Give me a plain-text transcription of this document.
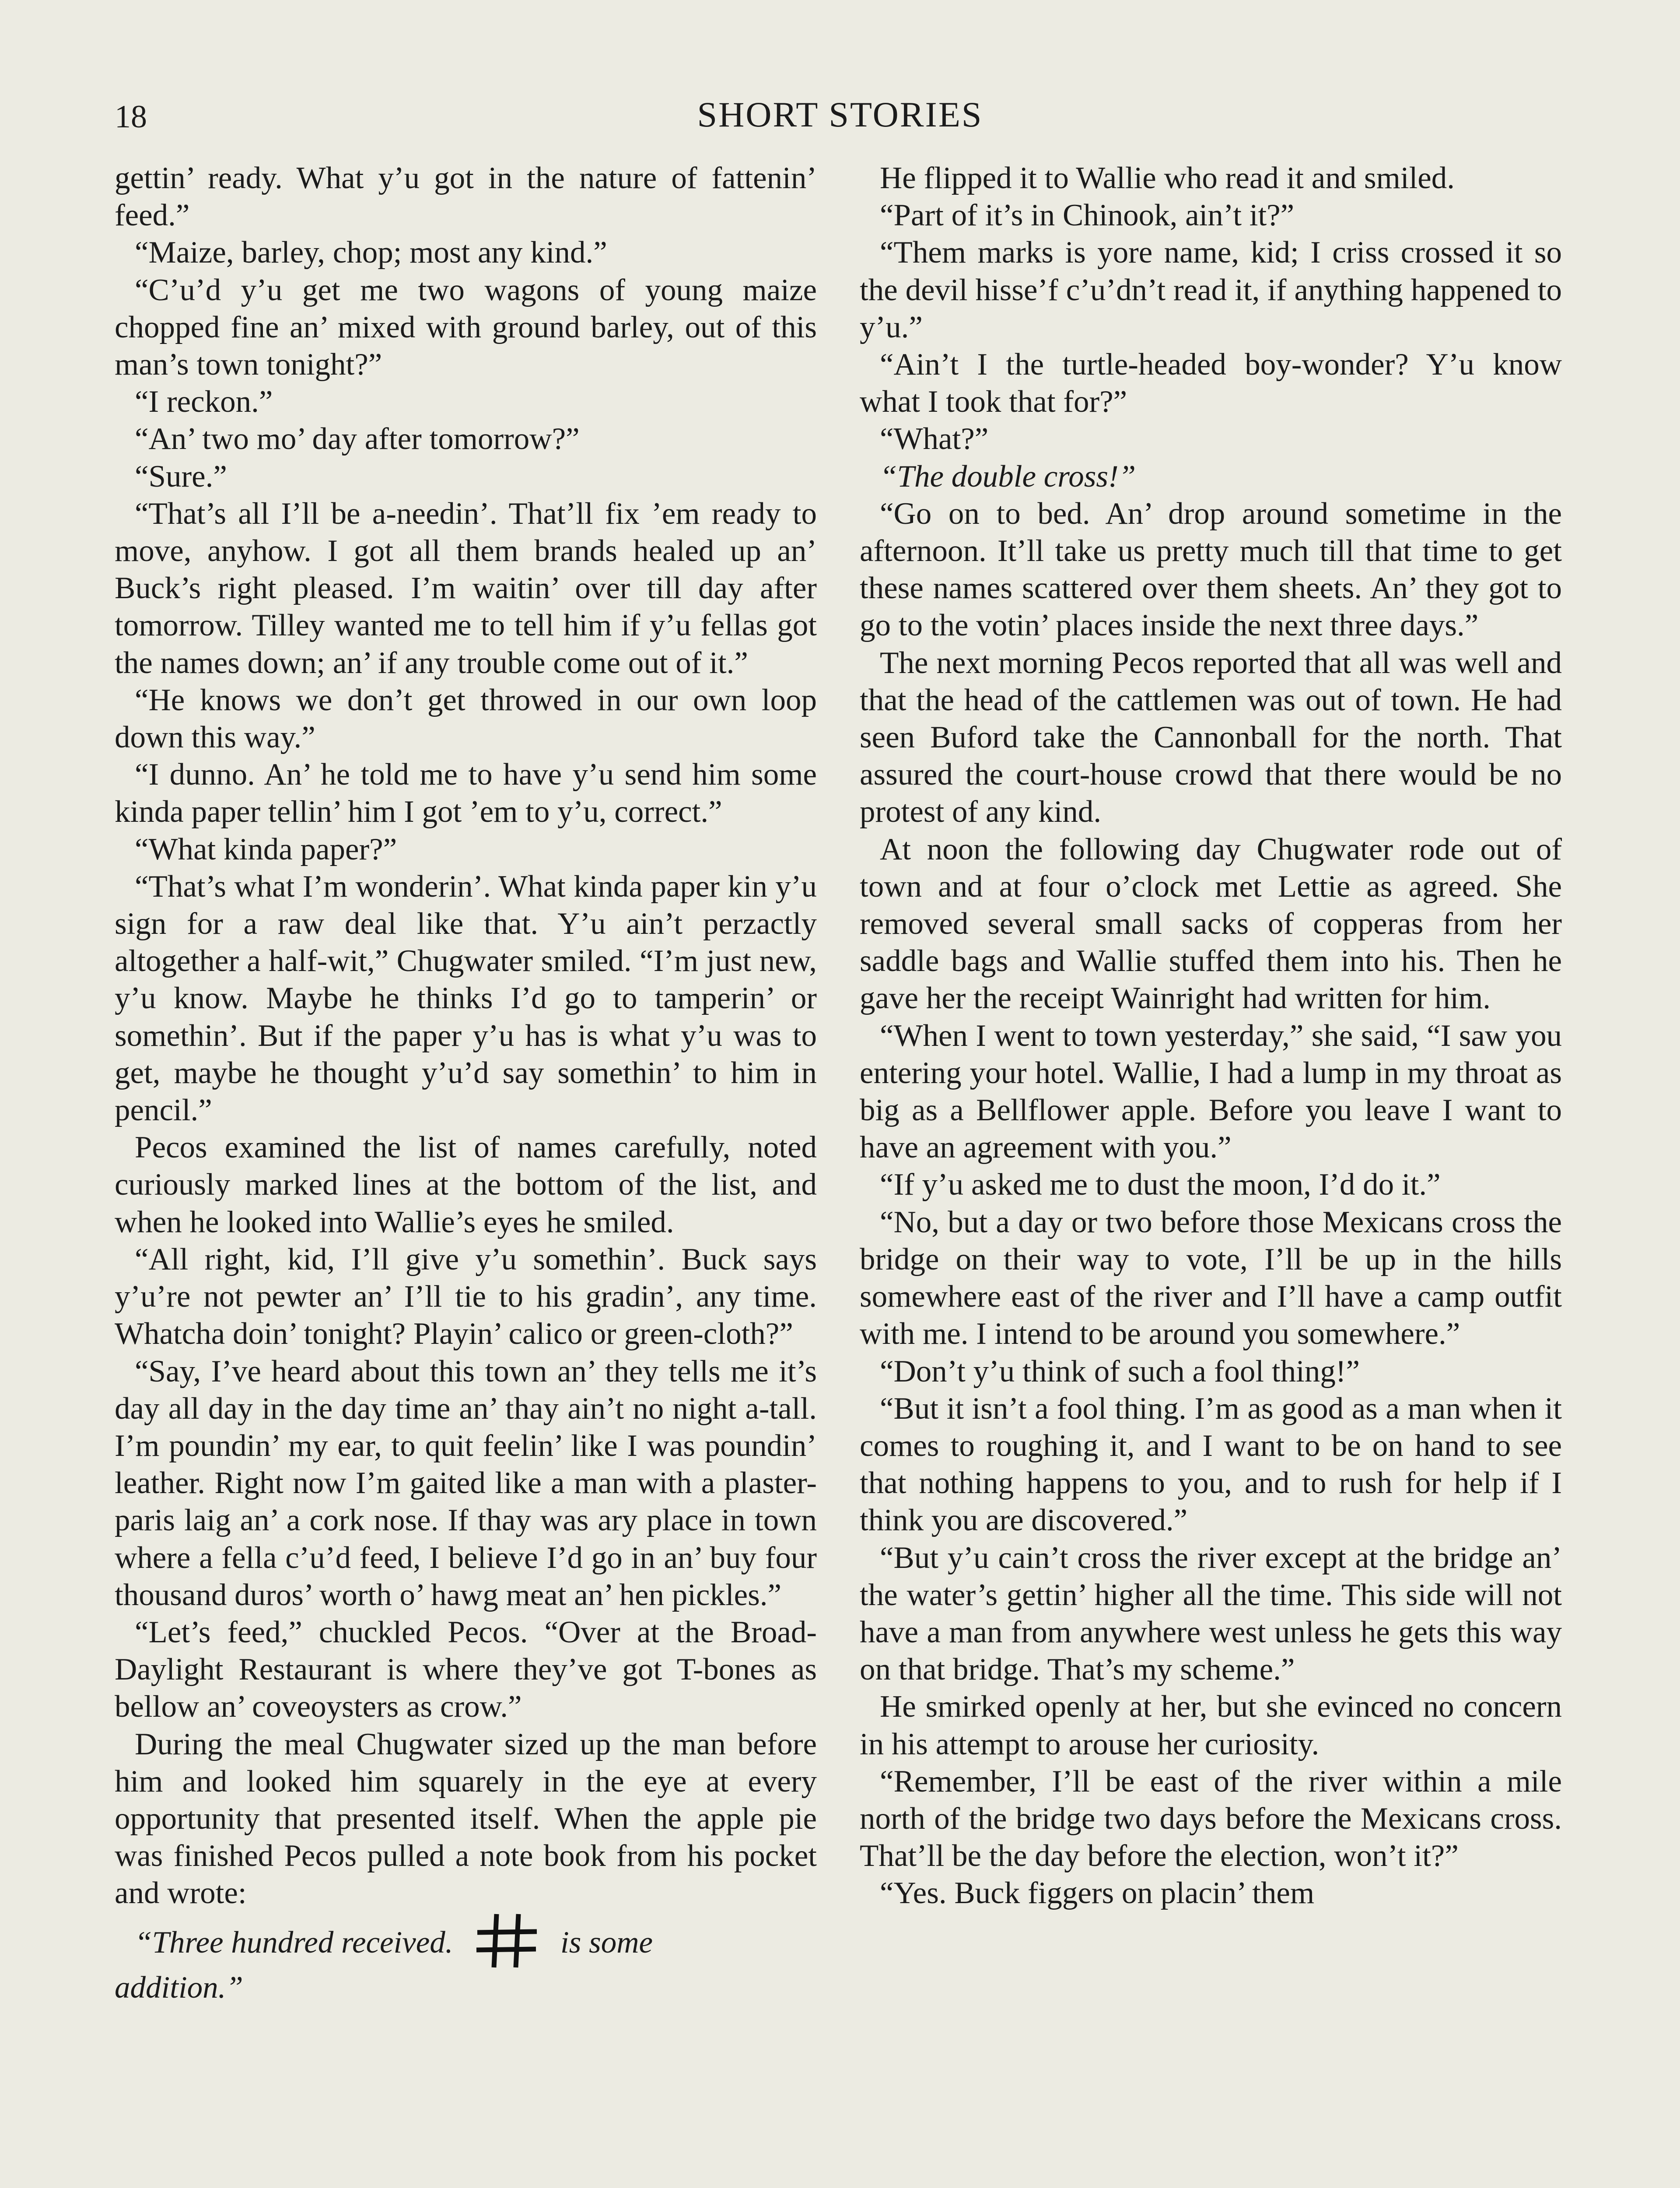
18	SHORT STORIES

gettin’ ready. What y’u got in the nature of fattenin’ feed.”

“Maize, barley, chop; most any kind.”

“C’u’d y’u get me two wagons of young maize chopped fine an’ mixed with ground barley, out of this man’s town tonight?”

“I reckon.”

“An’ two mo’ day after tomorrow?”

“Sure.”

“That’s all I’ll be a-needin’. That’ll fix ’em ready to move, anyhow. I got all them brands healed up an’ Buck’s right pleased. I’m waitin’ over till day after tomorrow. Tilley wanted me to tell him if y’u fellas got the names down; an’ if any trouble come out of it.”

“He knows we don’t get throwed in our own loop down this way.”

“I dunno. An’ he told me to have y’u send him some kinda paper tellin’ him I got ’em to y’u, correct.”

“What kinda paper?”

“That’s what I’m wonderin’. What kinda paper kin y’u sign for a raw deal like that. Y’u ain’t perzactly altogether a half-wit,” Chugwater smiled. “I’m just new, y’u know. Maybe he thinks I’d go to tamperin’ or somethin’. But if the paper y’u has is what y’u was to get, maybe he thought y’u’d say somethin’ to him in pencil.”

Pecos examined the list of names carefully, noted curiously marked lines at the bottom of the list, and when he looked into Wallie’s eyes he smiled.

“All right, kid, I’ll give y’u somethin’. Buck says y’u’re not pewter an’ I’ll tie to his gradin’, any time. Whatcha doin’ tonight? Playin’ calico or green-cloth?”

“Say, I’ve heard about this town an’ they tells me it’s day all day in the day time an’ thay ain’t no night a-tall. I’m poundin’ my ear, to quit feelin’ like I was poundin’ leather. Right now I’m gaited like a man with a plaster-paris laig an’ a cork nose. If thay was ary place in town where a fella c’u’d feed, I believe I’d go in an’ buy four thousand duros’ worth o’ hawg meat an’ hen pickles.”

“Let’s feed,” chuckled Pecos. “Over at the Broad-Daylight Restaurant is where they’ve got T-bones as bellow an’ coveoysters as crow.”

During the meal Chugwater sized up the man before him and looked him squarely in the eye at every opportunity that presented itself. When the apple pie was finished Pecos pulled a note book from his pocket and wrote:

“Three hundred received.	is some

addition.”

He flipped it to Wallie who read it and smiled.

“Part of it’s in Chinook, ain’t it?”

“Them marks is yore name, kid; I criss crossed it so the devil hisse’f c’u’dn’t read it, if anything happened to y’u.”

“Ain’t I the turtle-headed boy-wonder? Y’u know what I took that for?”

“What?”

“The double cross!”

“Go on to bed. An’ drop around sometime in the afternoon. It’ll take us pretty much till that time to get these names scattered over them sheets. An’ they got to go to the votin’ places inside the next three days.”

The next morning Pecos reported that all was well and that the head of the cattlemen was out of town. He had seen Buford take the Cannonball for the north. That assured the court-house crowd that there would be no protest of any kind.

At noon the following day Chugwater rode out of town and at four o’clock met Lettie as agreed. She removed several small sacks of copperas from her saddle bags and Wallie stuffed them into his. Then he gave her the receipt Wainright had written for him.

“When I went to town yesterday,” she said, “I saw you entering your hotel. Wallie, I had a lump in my throat as big as a Bellflower apple. Before you leave I want to have an agreement with you.”

“If y’u asked me to dust the moon, I’d do it.”

“No, but a day or two before those Mexicans cross the bridge on their way to vote, I’ll be up in the hills somewhere east of the river and I’ll have a camp outfit with me. I intend to be around you somewhere.”

“Don’t y’u think of such a fool thing!”

“But it isn’t a fool thing. I’m as good as a man when it comes to roughing it, and I want to be on hand to see that nothing happens to you, and to rush for help if I think you are discovered.”

“But y’u cain’t cross the river except at the bridge an’ the water’s gettin’ higher all the time. This side will not have a man from anywhere west unless he gets this way on that bridge. That’s my scheme.”

He smirked openly at her, but she evinced no concern in his attempt to arouse her curiosity.

“Remember, I’ll be east of the river within a mile north of the bridge two days before the Mexicans cross. That’ll be the day before the election, won’t it?”

“Yes. Buck figgers on placin’ them
